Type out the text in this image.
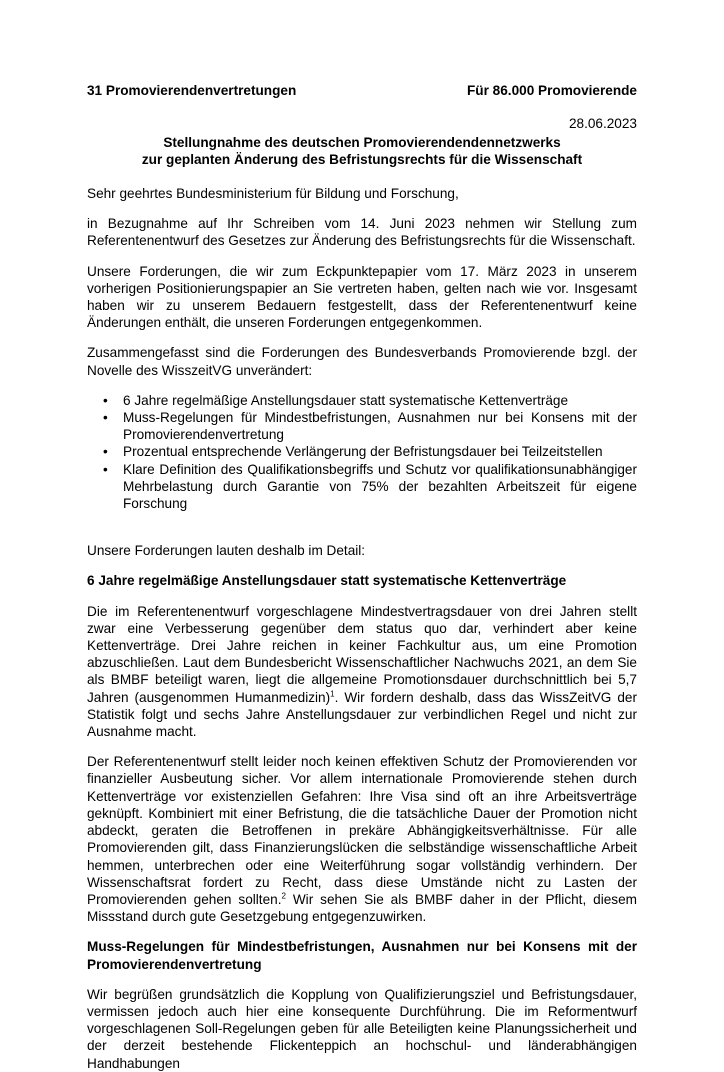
31 Promovierendenvertretungen	Für 86.000 Promovierende
28.06.2023
Stellungnahme des deutschen Promovierendendennetzwerks
zur geplanten Änderung des Befristungsrechts für die Wissenschaft

Sehr geehrtes Bundesministerium für Bildung und Forschung,

in Bezugnahme auf Ihr Schreiben vom 14. Juni 2023 nehmen wir Stellung zum Referentenentwurf des Gesetzes zur Änderung des Befristungsrechts für die Wissenschaft.

Unsere Forderungen, die wir zum Eckpunktepapier vom 17. März 2023 in unserem vorherigen Positionierungspapier an Sie vertreten haben, gelten nach wie vor. Insgesamt haben wir zu unserem Bedauern festgestellt, dass der Referentenentwurf keine Änderungen enthält, die unseren Forderungen entgegenkommen.

Zusammengefasst sind die Forderungen des Bundesverbands Promovierende bzgl. der Novelle des WisszeitVG unverändert:

• 6 Jahre regelmäßige Anstellungsdauer statt systematische Kettenverträge
• Muss-Regelungen für Mindestbefristungen, Ausnahmen nur bei Konsens mit der Promovierendenvertretung
• Prozentual entsprechende Verlängerung der Befristungsdauer bei Teilzeitstellen
• Klare Definition des Qualifikationsbegriffs und Schutz vor qualifikationsunabhängiger Mehrbelastung durch Garantie von 75% der bezahlten Arbeitszeit für eigene Forschung

Unsere Forderungen lauten deshalb im Detail:

6 Jahre regelmäßige Anstellungsdauer statt systematische Kettenverträge

Die im Referentenentwurf vorgeschlagene Mindestvertragsdauer von drei Jahren stellt zwar eine Verbesserung gegenüber dem status quo dar, verhindert aber keine Kettenverträge. Drei Jahre reichen in keiner Fachkultur aus, um eine Promotion abzuschließen. Laut dem Bundesbericht Wissenschaftlicher Nachwuchs 2021, an dem Sie als BMBF beteiligt waren, liegt die allgemeine Promotionsdauer durchschnittlich bei 5,7 Jahren (ausgenommen Humanmedizin)$^1$. Wir fordern deshalb, dass das WissZeitVG der Statistik folgt und sechs Jahre Anstellungsdauer zur verbindlichen Regel und nicht zur Ausnahme macht.

Der Referentenentwurf stellt leider noch keinen effektiven Schutz der Promovierenden vor finanzieller Ausbeutung sicher. Vor allem internationale Promovierende stehen durch Kettenverträge vor existenziellen Gefahren: Ihre Visa sind oft an ihre Arbeitsverträge geknüpft. Kombiniert mit einer Befristung, die die tatsächliche Dauer der Promotion nicht abdeckt, geraten die Betroffenen in prekäre Abhängigkeitsverhältnisse. Für alle Promovierenden gilt, dass Finanzierungslücken die selbständige wissenschaftliche Arbeit hemmen, unterbrechen oder eine Weiterführung sogar vollständig verhindern. Der Wissenschaftsrat fordert zu Recht, dass diese Umstände nicht zu Lasten der Promovierenden gehen sollten.$^2$ Wir sehen Sie als BMBF daher in der Pflicht, diesem Missstand durch gute Gesetzgebung entgegenzuwirken.

Muss-Regelungen für Mindestbefristungen, Ausnahmen nur bei Konsens mit der Promovierendenvertretung

Wir begrüßen grundsätzlich die Kopplung von Qualifizierungsziel und Befristungsdauer, vermissen jedoch auch hier eine konsequente Durchführung. Die im Reformentwurf vorgeschlagenen Soll-Regelungen geben für alle Beteiligten keine Planungssicherheit und der derzeit bestehende Flickenteppich an hochschul- und länderabhängigen Handhabungen
